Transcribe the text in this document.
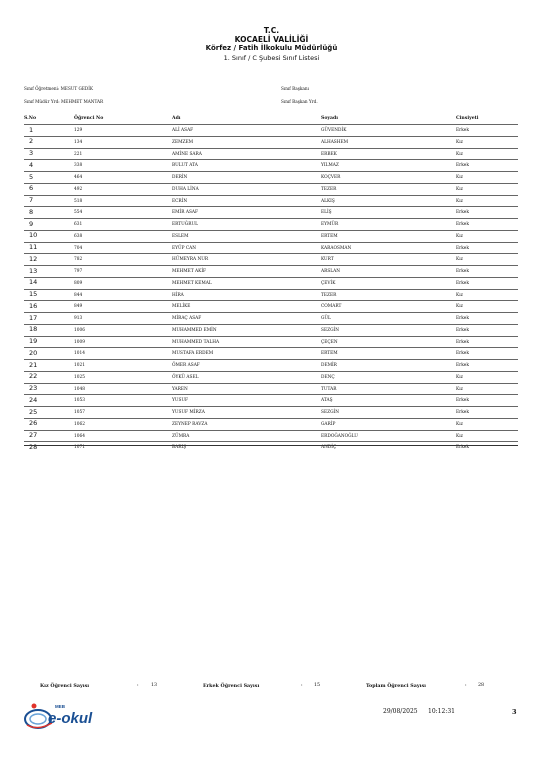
T.C.
KOCAELİ VALİLİĞİ
Körfez / Fatih İlkokulu Müdürlüğü
1. Sınıf / C Şubesi Sınıf Listesi
Sınıf Öğretmeni: MESUT GEDİK	Sınıf Başkanı
Sınıf Müdür Yrd: MEHMET MANTAR	Sınıf Başkan Yrd.
S.No	Öğrenci No	Adı	Soyadı	Cinsiyeti
1	129	ALİ ASAF	GÜVENDİK	Erkek
2	134	ZEMZEM	ALHASHEM	Kız
3	221	AMİNE SARA	ERBEK	Kız
4	338	BULUT ATA	YILMAZ	Erkek
5	464	DERİN	KOÇVER	Kız
6	492	DUHA LİNA	TEZER	Kız
7	518	ECRİN	ALKIŞ	Kız
8	554	EMİR ASAF	ELİŞ	Erkek
9	631	ERTUĞRUL	EYMÜR	Erkek
10	638	ESLEM	ERTEM	Kız
11	704	EYÜP CAN	KARAOSMAN	Erkek
12	782	HÜMEYRA NUR	KURT	Kız
13	797	MEHMET AKİF	ARSLAN	Erkek
14	809	MEHMET KEMAL	ÇEVİK	Erkek
15	844	HİRA	TEZER	Kız
16	849	MELİKE	COMART	Kız
17	913	MİRAÇ ASAF	GÜL	Erkek
18	1006	MUHAMMED EMİN	SEZGİN	Erkek
19	1009	MUHAMMED TALHA	ÇEÇEN	Erkek
20	1014	MUSTAFA ERDEM	ERTEM	Erkek
21	1021	ÖMER ASAF	DEMİR	Erkek
22	1025	ÖYKÜ ASEL	DENÇ	Kız
23	1048	YAREN	TUTAR	Kız
24	1053	YUSUF	ATAŞ	Erkek
25	1057	YUSUF MİRZA	SEZGİN	Erkek
26	1062	ZEYNEP RAVZA	GARİP	Kız
27	1064	ZÜMRA	ERDOĞANOĞLU	Kız
28	1071	BARIŞ	ANDİÇ	Erkek
Kız Öğrenci Sayısı	:	13	Erkek Öğrenci Sayısı	: 15	Toplam Öğrenci Sayısı	: 28
MEB
e-okul	29/08/2025 10:12:31	3
